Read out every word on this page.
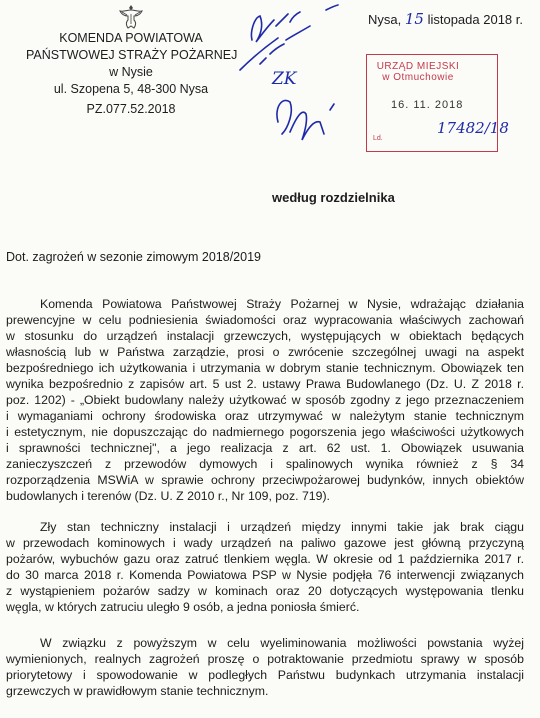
KOMENDA POWIATOWA
PAŃSTWOWEJ STRAŻY POŻARNEJ
w Nysie
ul. Szopena 5, 48-300 Nysa
PZ.077.52.2018
Nysa, 15 listopada 2018 r.
ZK
URZĄD MIEJSKI
w Otmuchowie
16. 11. 2018
Ld.
17482/18
według rozdzielnika
Dot. zagrożeń w sezonie zimowym 2018/2019
Komenda Powiatowa Państwowej Straży Pożarnej w Nysie, wdrażając działania
prewencyjne w celu podniesienia świadomości oraz wypracowania właściwych zachowań
w stosunku do urządzeń instalacji grzewczych, występujących w obiektach będących
własnością lub w Państwa zarządzie, prosi o zwrócenie szczególnej uwagi na aspekt
bezpośredniego ich użytkowania i utrzymania w dobrym stanie technicznym. Obowiązek ten
wynika bezpośrednio z zapisów art. 5 ust 2. ustawy Prawa Budowlanego (Dz. U. Z 2018 r.
poz. 1202) - „Obiekt budowlany należy użytkować w sposób zgodny z jego przeznaczeniem
i wymaganiami ochrony środowiska oraz utrzymywać w należytym stanie technicznym
i estetycznym, nie dopuszczając do nadmiernego pogorszenia jego właściwości użytkowych
i sprawności technicznej", a jego realizacja z art. 62 ust. 1. Obowiązek usuwania
zanieczyszczeń z przewodów dymowych i spalinowych wynika również z § 34
rozporządzenia MSWiA w sprawie ochrony przeciwpożarowej budynków, innych obiektów
budowlanych i terenów (Dz. U. Z 2010 r., Nr 109, poz. 719).
Zły stan techniczny instalacji i urządzeń między innymi takie jak brak ciągu
w przewodach kominowych i wady urządzeń na paliwo gazowe jest główną przyczyną
pożarów, wybuchów gazu oraz zatruć tlenkiem węgla. W okresie od 1 października 2017 r.
do 30 marca 2018 r. Komenda Powiatowa PSP w Nysie podjęła 76 interwencji związanych
z wystąpieniem pożarów sadzy w kominach oraz 20 dotyczących występowania tlenku
węgla, w których zatruciu uległo 9 osób, a jedna poniosła śmierć.
W związku z powyższym w celu wyeliminowania możliwości powstania wyżej
wymienionych, realnych zagrożeń proszę o potraktowanie przedmiotu sprawy w sposób
priorytetowy i spowodowanie w podległych Państwu budynkach utrzymania instalacji
grzewczych w prawidłowym stanie technicznym.
